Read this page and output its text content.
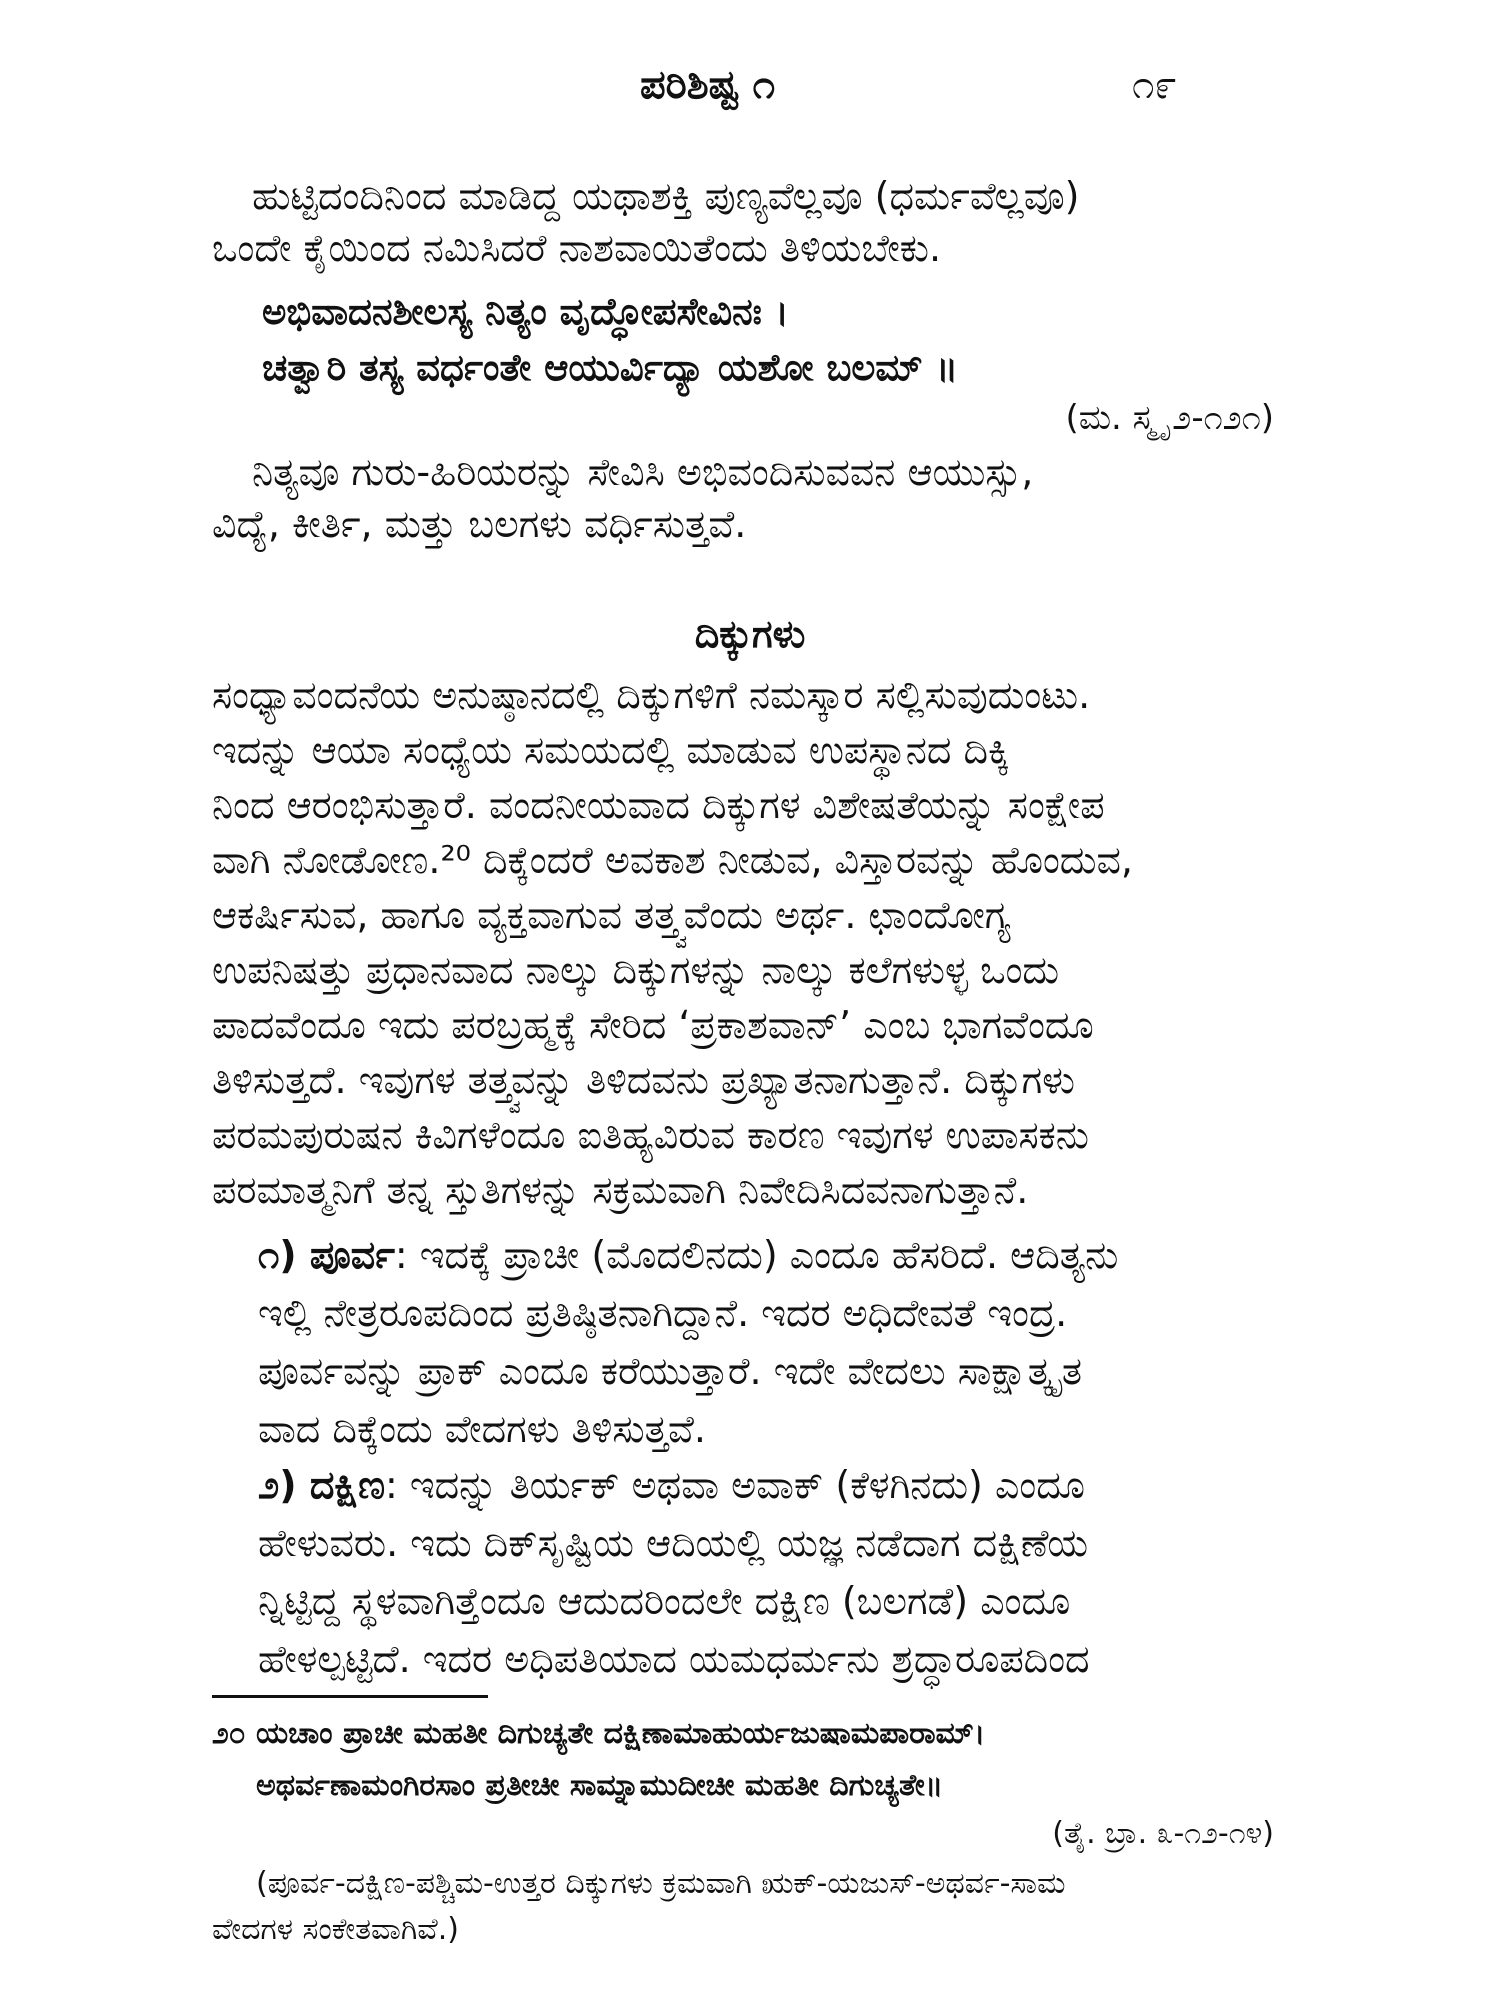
ಪರಿಶಿಷ್ಟ ೧	೧೯
ಹುಟ್ಟಿದಂದಿನಿಂದ ಮಾಡಿದ್ದ ಯಥಾಶಕ್ತಿ ಪುಣ್ಯವೆಲ್ಲವೂ (ಧರ್ಮವೆಲ್ಲವೂ)
ಒಂದೇ ಕೈಯಿಂದ ನಮಿಸಿದರೆ ನಾಶವಾಯಿತೆಂದು ತಿಳಿಯಬೇಕು.
ಅಭಿವಾದನಶೀಲಸ್ಯ ನಿತ್ಯಂ ವೃದ್ಧೋಪಸೇವಿನಃ ।
ಚತ್ವಾರಿ ತಸ್ಯ ವರ್ಧಂತೇ ಆಯುರ್ವಿದ್ಯಾ ಯಶೋ ಬಲಮ್ ॥
(ಮ. ಸ್ಮೃ ೨-೧೨೧)
ನಿತ್ಯವೂ ಗುರು-ಹಿರಿಯರನ್ನು ಸೇವಿಸಿ ಅಭಿವಂದಿಸುವವನ ಆಯುಸ್ಸು,
ವಿದ್ಯೆ, ಕೀರ್ತಿ, ಮತ್ತು ಬಲಗಳು ವರ್ಧಿಸುತ್ತವೆ.
ದಿಕ್ಕುಗಳು
ಸಂಧ್ಯಾವಂದನೆಯ ಅನುಷ್ಠಾನದಲ್ಲಿ ದಿಕ್ಕುಗಳಿಗೆ ನಮಸ್ಕಾರ ಸಲ್ಲಿಸುವುದುಂಟು.
ಇದನ್ನು ಆಯಾ ಸಂಧ್ಯೆಯ ಸಮಯದಲ್ಲಿ ಮಾಡುವ ಉಪಸ್ಥಾನದ ದಿಕ್ಕಿ
ನಿಂದ ಆರಂಭಿಸುತ್ತಾರೆ. ವಂದನೀಯವಾದ ದಿಕ್ಕುಗಳ ವಿಶೇಷತೆಯನ್ನು ಸಂಕ್ಷೇಪ
ವಾಗಿ ನೋಡೋಣ.²⁰ ದಿಕ್ಕೆಂದರೆ ಅವಕಾಶ ನೀಡುವ, ವಿಸ್ತಾರವನ್ನು ಹೊಂದುವ,
ಆಕರ್ಷಿಸುವ, ಹಾಗೂ ವ್ಯಕ್ತವಾಗುವ ತತ್ತ್ವವೆಂದು ಅರ್ಥ. ಛಾಂದೋಗ್ಯ
ಉಪನಿಷತ್ತು ಪ್ರಧಾನವಾದ ನಾಲ್ಕು ದಿಕ್ಕುಗಳನ್ನು ನಾಲ್ಕು ಕಲೆಗಳುಳ್ಳ ಒಂದು
ಪಾದವೆಂದೂ ಇದು ಪರಬ್ರಹ್ಮಕ್ಕೆ ಸೇರಿದ ‘ಪ್ರಕಾಶವಾನ್’ ಎಂಬ ಭಾಗವೆಂದೂ
ತಿಳಿಸುತ್ತದೆ. ಇವುಗಳ ತತ್ತ್ವವನ್ನು ತಿಳಿದವನು ಪ್ರಖ್ಯಾತನಾಗುತ್ತಾನೆ. ದಿಕ್ಕುಗಳು
ಪರಮಪುರುಷನ ಕಿವಿಗಳೆಂದೂ ಐತಿಹ್ಯವಿರುವ ಕಾರಣ ಇವುಗಳ ಉಪಾಸಕನು
ಪರಮಾತ್ಮನಿಗೆ ತನ್ನ ಸ್ತುತಿಗಳನ್ನು ಸಕ್ರಮವಾಗಿ ನಿವೇದಿಸಿದವನಾಗುತ್ತಾನೆ.
೧) ಪೂರ್ವ: ಇದಕ್ಕೆ ಪ್ರಾಚೀ (ಮೊದಲಿನದು) ಎಂದೂ ಹೆಸರಿದೆ. ಆದಿತ್ಯನು
ಇಲ್ಲಿ ನೇತ್ರರೂಪದಿಂದ ಪ್ರತಿಷ್ಠಿತನಾಗಿದ್ದಾನೆ. ಇದರ ಅಧಿದೇವತೆ ಇಂದ್ರ.
ಪೂರ್ವವನ್ನು ಪ್ರಾಕ್ ಎಂದೂ ಕರೆಯುತ್ತಾರೆ. ಇದೇ ವೇದಲು ಸಾಕ್ಷಾತ್ಕೃತ
ವಾದ ದಿಕ್ಕೆಂದು ವೇದಗಳು ತಿಳಿಸುತ್ತವೆ.
೨) ದಕ್ಷಿಣ: ಇದನ್ನು ತಿರ್ಯಕ್ ಅಥವಾ ಅವಾಕ್ (ಕೆಳಗಿನದು) ಎಂದೂ
ಹೇಳುವರು. ಇದು ದಿಕ್‌ಸೃಷ್ಟಿಯ ಆದಿಯಲ್ಲಿ ಯಜ್ಞ ನಡೆದಾಗ ದಕ್ಷಿಣೆಯ
ನ್ನಿಟ್ಟಿದ್ದ ಸ್ಥಳವಾಗಿತ್ತೆಂದೂ ಆದುದರಿಂದಲೇ ದಕ್ಷಿಣ (ಬಲಗಡೆ) ಎಂದೂ
ಹೇಳಲ್ಪಟ್ಟಿದೆ. ಇದರ ಅಧಿಪತಿಯಾದ ಯಮಧರ್ಮನು ಶ್ರದ್ಧಾರೂಪದಿಂದ
೨೦ ಯಚಾಂ ಪ್ರಾಚೀ ಮಹತೀ ದಿಗುಚ್ಯತೇ ದಕ್ಷಿಣಾಮಾಹುರ್ಯಜುಷಾಮಪಾರಾಮ್।
ಅಥರ್ವಣಾಮಂಗಿರಸಾಂ ಪ್ರತೀಚೀ ಸಾಮ್ನಾಮುದೀಚೀ ಮಹತೀ ದಿಗುಚ್ಯತೇ॥
(ತೈ. ಬ್ರಾ. ೩-೧೨-೧೪)
(ಪೂರ್ವ-ದಕ್ಷಿಣ-ಪಶ್ಚಿಮ-ಉತ್ತರ ದಿಕ್ಕುಗಳು ಕ್ರಮವಾಗಿ ಋಕ್-ಯಜುಸ್-ಅಥರ್ವ-ಸಾಮ
ವೇದಗಳ ಸಂಕೇತವಾಗಿವೆ.)
